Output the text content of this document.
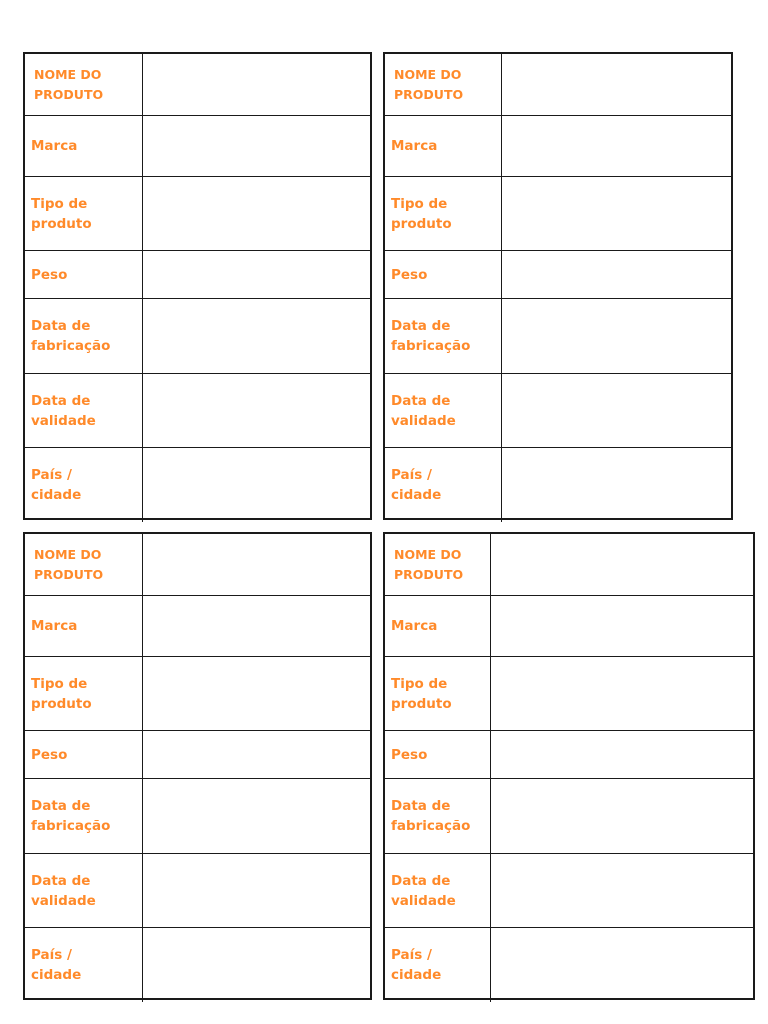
NOME DO
PRODUTO
Marca
Tipo de
produto
Peso
Data de
fabricação
Data de
validade
País /
cidade
NOME DO
PRODUTO
Marca
Tipo de
produto
Peso
Data de
fabricação
Data de
validade
País /
cidade
NOME DO
PRODUTO
Marca
Tipo de
produto
Peso
Data de
fabricação
Data de
validade
País /
cidade
NOME DO
PRODUTO
Marca
Tipo de
produto
Peso
Data de
fabricação
Data de
validade
País /
cidade
